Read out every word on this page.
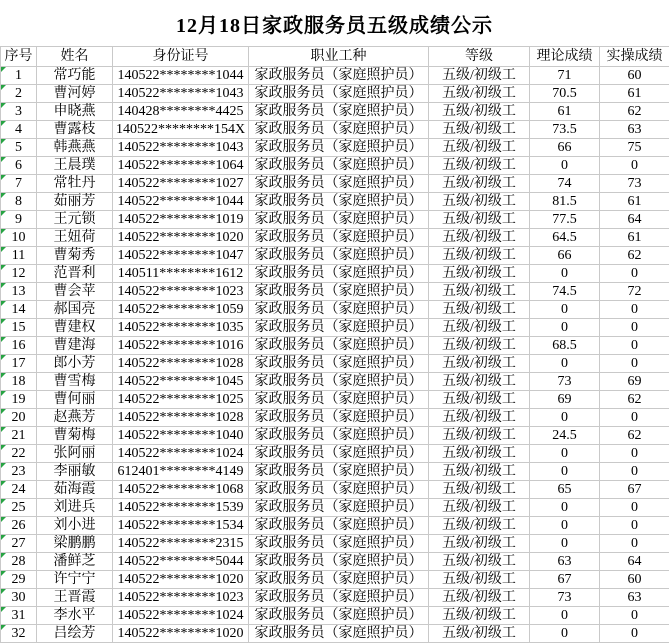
12月18日家政服务员五级成绩公示
序号	姓名	身份证号	职业工种	等级	理论成绩	实操成绩

1	常巧能	140522********1044	家政服务员（家庭照护员）	五级/初级工	71	60

2	曹河婷	140522********1043	家政服务员（家庭照护员）	五级/初级工	70.5	61

3	申晓燕	140428********4425	家政服务员（家庭照护员）	五级/初级工	61	62

4	曹露枝	140522********154X	家政服务员（家庭照护员）	五级/初级工	73.5	63

5	韩燕燕	140522********1043	家政服务员（家庭照护员）	五级/初级工	66	75

6	王晨璞	140522********1064	家政服务员（家庭照护员）	五级/初级工	0	0

7	常牡丹	140522********1027	家政服务员（家庭照护员）	五级/初级工	74	73

8	茹丽芳	140522********1044	家政服务员（家庭照护员）	五级/初级工	81.5	61

9	王元锁	140522********1019	家政服务员（家庭照护员）	五级/初级工	77.5	64

10	王妞荷	140522********1020	家政服务员（家庭照护员）	五级/初级工	64.5	61

11	曹菊秀	140522********1047	家政服务员（家庭照护员）	五级/初级工	66	62

12	范晋利	140511********1612	家政服务员（家庭照护员）	五级/初级工	0	0

13	曹会苹	140522********1023	家政服务员（家庭照护员）	五级/初级工	74.5	72

14	郝国亮	140522********1059	家政服务员（家庭照护员）	五级/初级工	0	0

15	曹建权	140522********1035	家政服务员（家庭照护员）	五级/初级工	0	0

16	曹建海	140522********1016	家政服务员（家庭照护员）	五级/初级工	68.5	0

17	郎小芳	140522********1028	家政服务员（家庭照护员）	五级/初级工	0	0

18	曹雪梅	140522********1045	家政服务员（家庭照护员）	五级/初级工	73	69

19	曹何丽	140522********1025	家政服务员（家庭照护员）	五级/初级工	69	62

20	赵燕芳	140522********1028	家政服务员（家庭照护员）	五级/初级工	0	0

21	曹菊梅	140522********1040	家政服务员（家庭照护员）	五级/初级工	24.5	62

22	张阿丽	140522********1024	家政服务员（家庭照护员）	五级/初级工	0	0

23	李丽敏	612401********4149	家政服务员（家庭照护员）	五级/初级工	0	0

24	茹海霞	140522********1068	家政服务员（家庭照护员）	五级/初级工	65	67

25	刘进兵	140522********1539	家政服务员（家庭照护员）	五级/初级工	0	0

26	刘小进	140522********1534	家政服务员（家庭照护员）	五级/初级工	0	0

27	梁鹏鹏	140522********2315	家政服务员（家庭照护员）	五级/初级工	0	0

28	潘鲜芝	140522********5044	家政服务员（家庭照护员）	五级/初级工	63	64

29	许宁宁	140522********1020	家政服务员（家庭照护员）	五级/初级工	67	60

30	王晋霞	140522********1023	家政服务员（家庭照护员）	五级/初级工	73	63

31	李水平	140522********1024	家政服务员（家庭照护员）	五级/初级工	0	0

32	吕绘芳	140522********1020	家政服务员（家庭照护员）	五级/初级工	0	0
